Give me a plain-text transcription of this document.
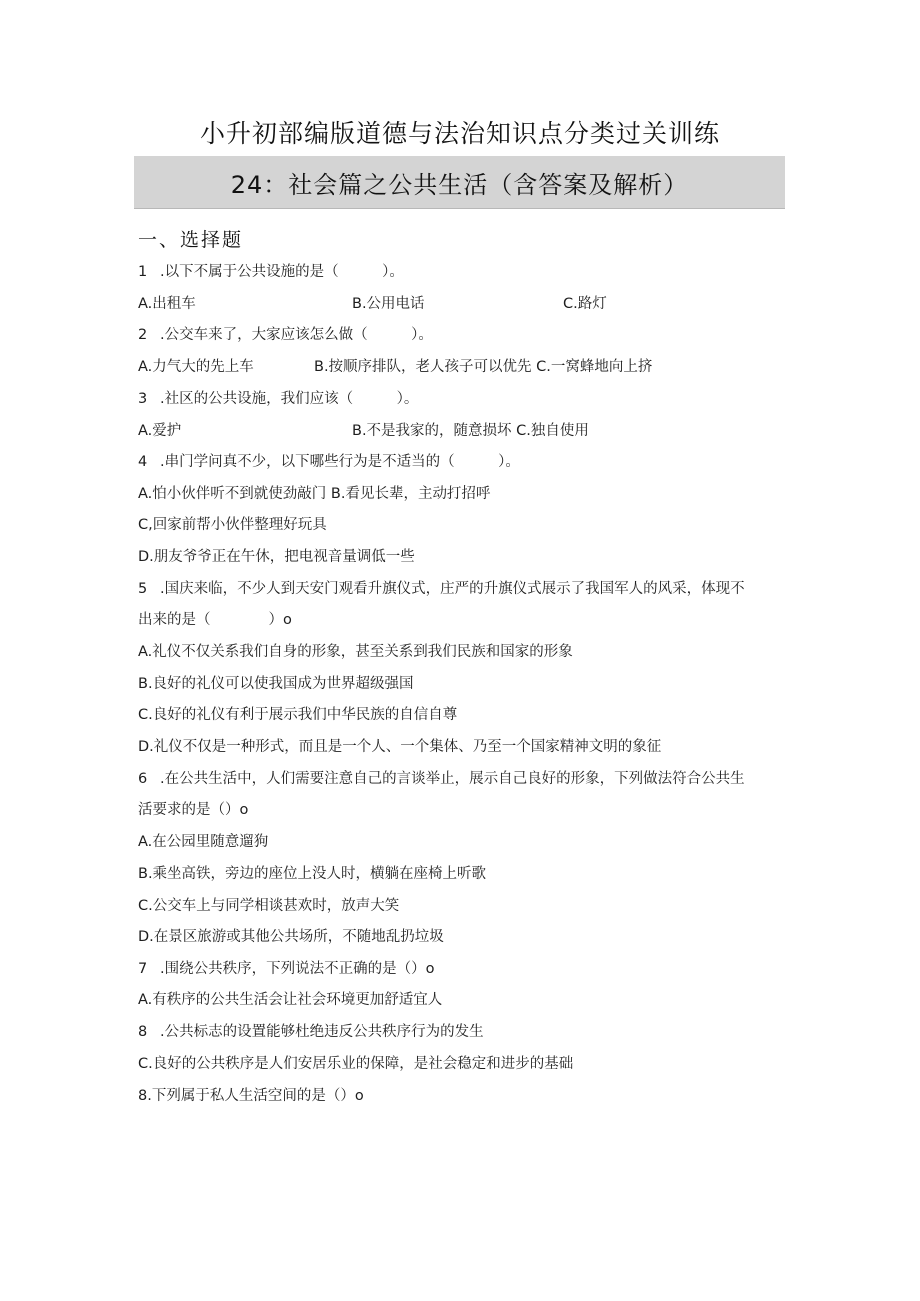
小升初部编版道德与法治知识点分类过关训练
24：社会篇之公共生活（含答案及解析）
一、选择题
1 .以下不属于公共设施的是（　　　）。
A.出租车	B.公用电话	C.路灯
2 .公交车来了，大家应该怎么做（　　　）。
A.力气大的先上车	B.按顺序排队，老人孩子可以优先 C.一窝蜂地向上挤
3 .社区的公共设施，我们应该（　　　）。
A.爱护	B.不是我家的，随意损坏 C.独自使用
4 .串门学问真不少，以下哪些行为是不适当的（　　　）。
A.怕小伙伴听不到就使劲敲门 B.看见长辈，主动打招呼
C,回家前帮小伙伴整理好玩具
D.朋友爷爷正在午休，把电视音量调低一些
5 .国庆来临，不少人到天安门观看升旗仪式，庄严的升旗仪式展示了我国军人的风采，体现不
出来的是（　　　　）o
A.礼仪不仅关系我们自身的形象，甚至关系到我们民族和国家的形象
B.良好的礼仪可以使我国成为世界超级强国
C.良好的礼仪有利于展示我们中华民族的自信自尊
D.礼仪不仅是一种形式，而且是一个人、一个集体、乃至一个国家精神文明的象征
6 .在公共生活中，人们需要注意自己的言谈举止，展示自己良好的形象，下列做法符合公共生
活要求的是（）o
A.在公园里随意遛狗
B.乘坐高铁，旁边的座位上没人时，横躺在座椅上听歌
C.公交车上与同学相谈甚欢时，放声大笑
D.在景区旅游或其他公共场所，不随地乱扔垃圾
7 .围绕公共秩序，下列说法不正确的是（）o
A.有秩序的公共生活会让社会环境更加舒适宜人
8 .公共标志的设置能够杜绝违反公共秩序行为的发生
C.良好的公共秩序是人们安居乐业的保障，是社会稳定和进步的基础
8.下列属于私人生活空间的是（）o
